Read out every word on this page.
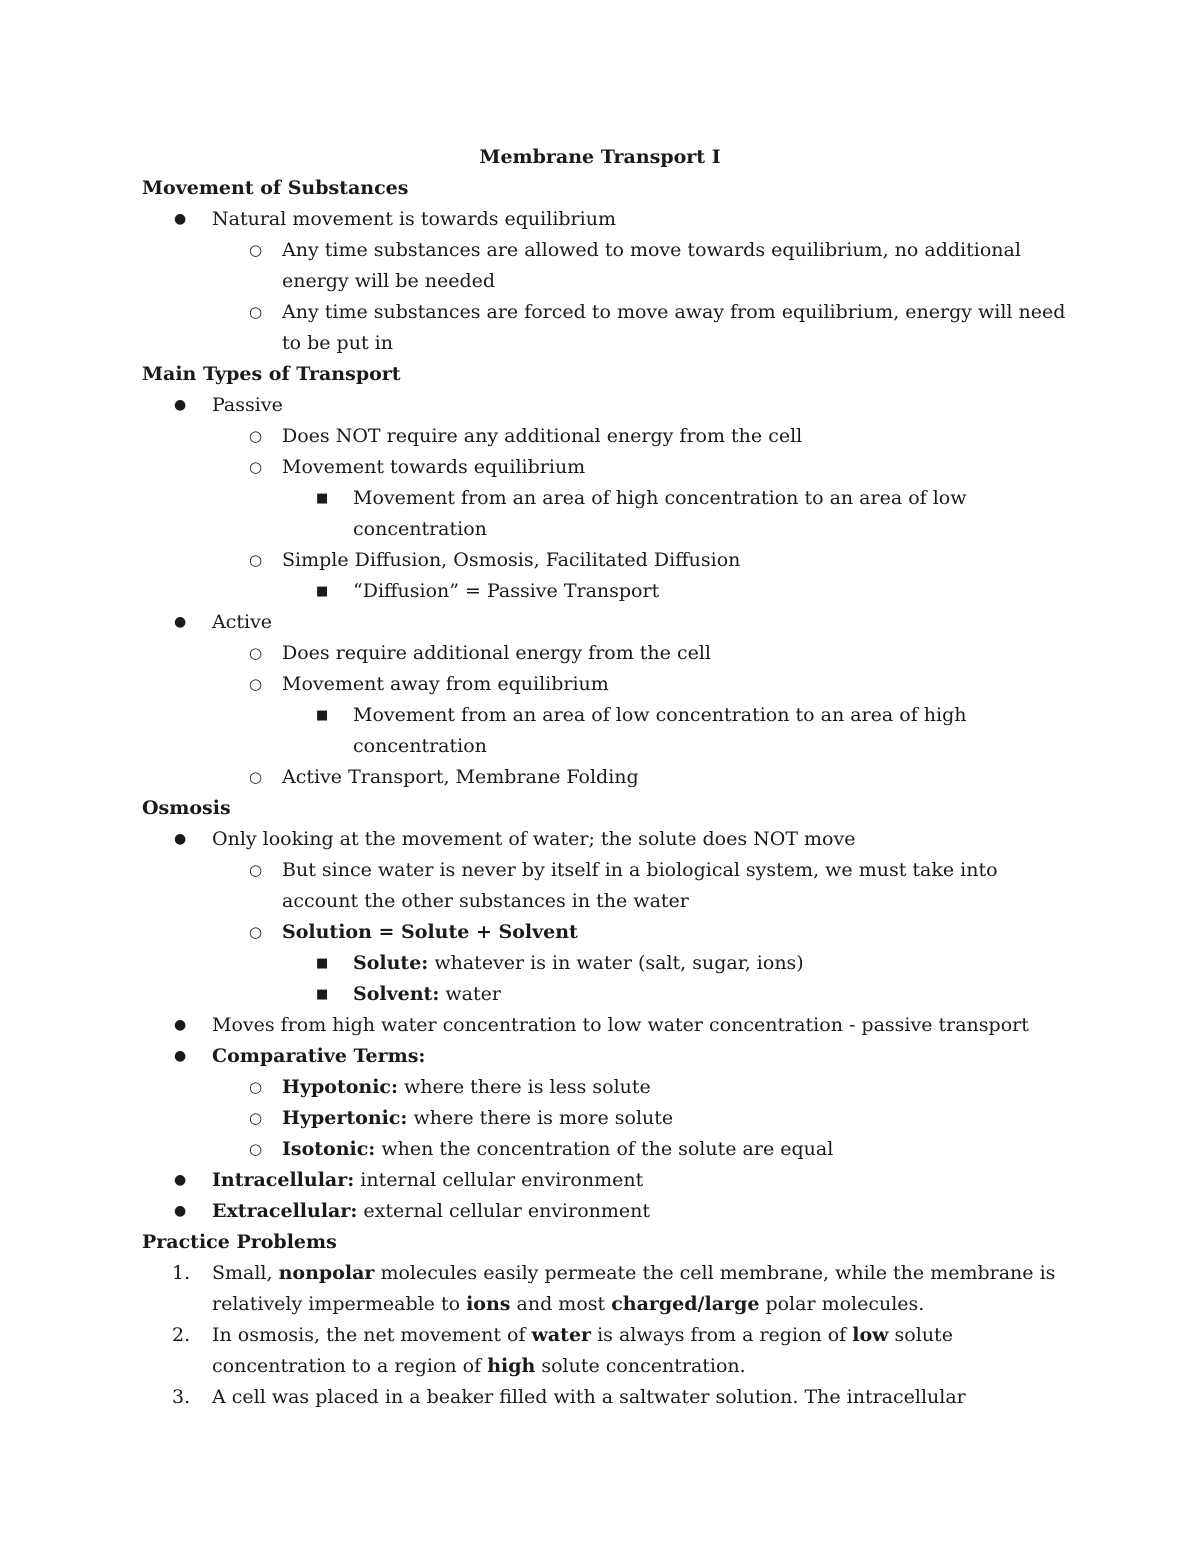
Membrane Transport I
Movement of Substances
● Natural movement is towards equilibrium
○ Any time substances are allowed to move towards equilibrium, no additional
energy will be needed
○ Any time substances are forced to move away from equilibrium, energy will need
to be put in
Main Types of Transport
● Passive
○ Does NOT require any additional energy from the cell
○ Movement towards equilibrium
■ Movement from an area of high concentration to an area of low
concentration
○ Simple Diffusion, Osmosis, Facilitated Diffusion
■ “Diffusion” = Passive Transport
● Active
○ Does require additional energy from the cell
○ Movement away from equilibrium
■ Movement from an area of low concentration to an area of high
concentration
○ Active Transport, Membrane Folding
Osmosis
● Only looking at the movement of water; the solute does NOT move
○ But since water is never by itself in a biological system, we must take into
account the other substances in the water
○ Solution = Solute + Solvent
■ Solute: whatever is in water (salt, sugar, ions)
■ Solvent: water
● Moves from high water concentration to low water concentration - passive transport
● Comparative Terms:
○ Hypotonic: where there is less solute
○ Hypertonic: where there is more solute
○ Isotonic: when the concentration of the solute are equal
● Intracellular: internal cellular environment
● Extracellular: external cellular environment
Practice Problems
1. Small, nonpolar molecules easily permeate the cell membrane, while the membrane is
relatively impermeable to ions and most charged/large polar molecules.
2. In osmosis, the net movement of water is always from a region of low solute
concentration to a region of high solute concentration.
3. A cell was placed in a beaker filled with a saltwater solution. The intracellular
